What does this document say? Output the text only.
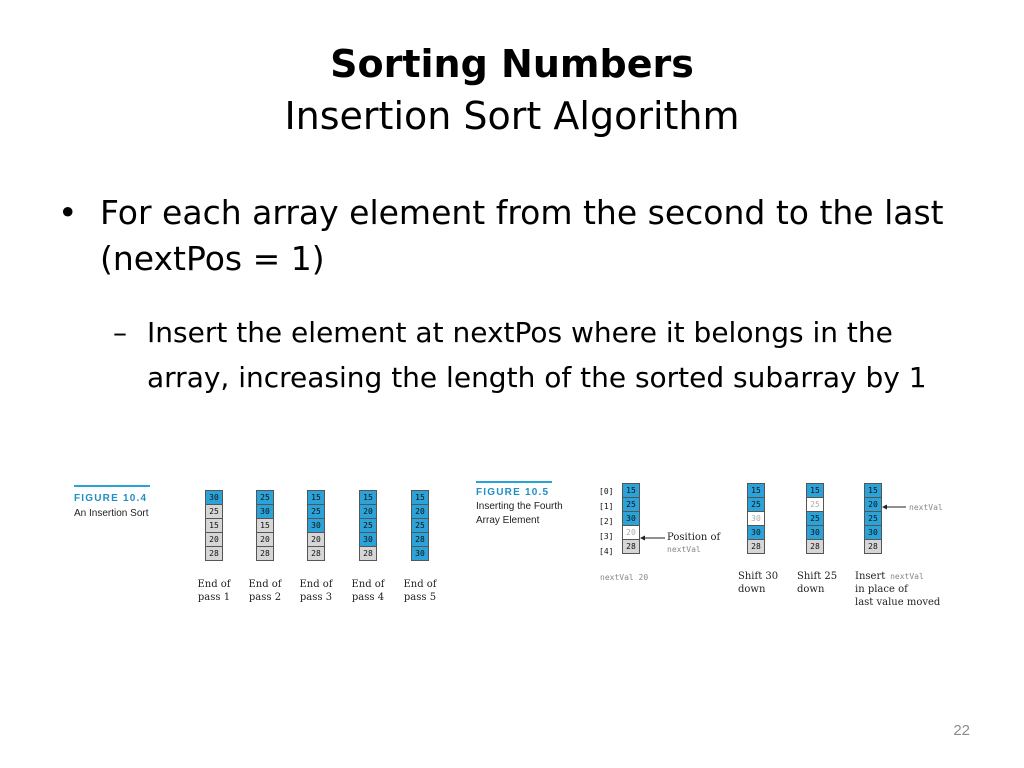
Sorting Numbers
Insertion Sort Algorithm
• For each array element from the second to the last (nextPos = 1)
– Insert the element at nextPos where it belongs in the array, increasing the length of the sorted subarray by 1
FIGURE 10.4
An Insertion Sort
30
25
15
20
28
End of
pass 1
25
30
15
20
28
End of
pass 2
15
25
30
20
28
End of
pass 3
15
20
25
30
28
End of
pass 4
15
20
25
28
30
End of
pass 5
FIGURE 10.5
Inserting the Fourth
Array Element
[0]
[1]
[2]
[3]
[4]
15
25
30
20
28
15
25
30
30
28
Shift 30
down
15
25
25
30
28
Shift 25
down
15
20
25
30
28
Insert nextVal
in place of
last value moved
Position of
nextVal
nextVal
nextVal 20
22
